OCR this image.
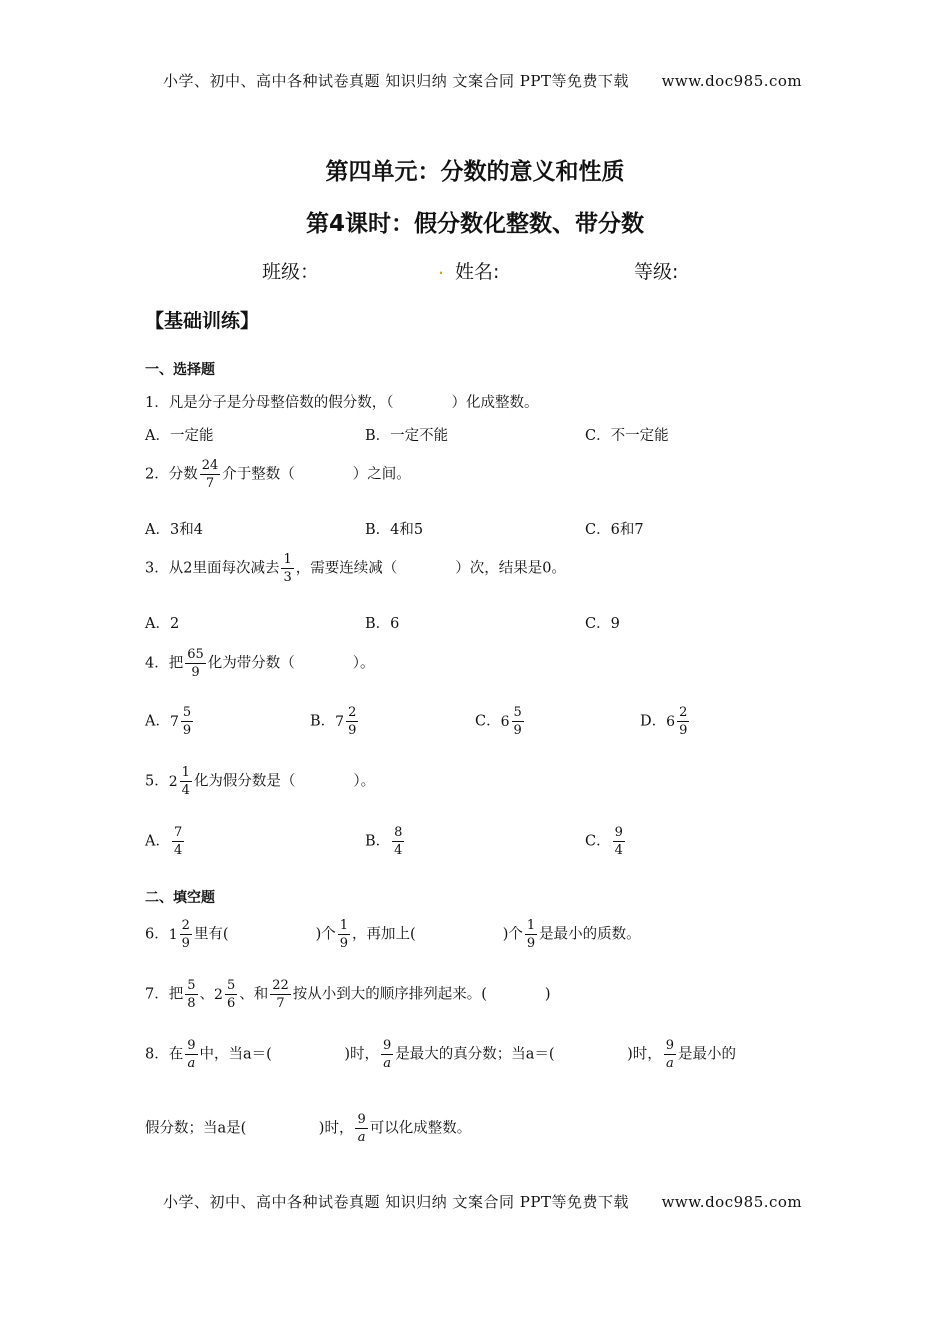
小学、初中、高中各种试卷真题 知识归纳 文案合同 PPT等免费下载 www.doc985.com
第四单元：分数的意义和性质
第4课时：假分数化整数、带分数
班级：	. 姓名:	等级:
【基础训练】
一、选择题
1．凡是分子是分母整倍数的假分数，（　　　　）化成整数。
A．一定能	B．一定不能	C．不一定能
2．分数 $\frac{24}{7}$ 介于整数（　　　　）之间。
A．3和4	B．4和5	C．6和7
3．从2里面每次减去 $\frac{1}{3}$ ，需要连续减（　　　　）次，结果是0。
A．2	B．6	C．9
4．把 $\frac{65}{9}$ 化为带分数（　　　　）。
A．$7 \frac{5}{9}$	B．$7 \frac{2}{9}$	C．$6 \frac{5}{9}$	D．$6 \frac{2}{9}$
5．$2 \frac{1}{4}$ 化为假分数是（　　　　）。
A． $\frac{7}{4}$	B． $\frac{8}{4}$	C． $\frac{9}{4}$
二、填空题
6．$1 \frac{2}{9}$ 里有(　　　　　　)个 $\frac{1}{9}$ ，再加上(　　　　　　)个 $\frac{1}{9}$ 是最小的质数。
7．把 $\frac{5}{8}$ 、$2 \frac{5}{6}$ 、和 $\frac{22}{7}$ 按从小到大的顺序排列起来。(　　　　)
8．在 $\frac{9}{a}$ 中，当a＝(　　　　　)时， $\frac{9}{a}$ 是最大的真分数；当a＝(　　　　　)时， $\frac{9}{a}$ 是最小的
假分数；当a是(　　　　　)时， $\frac{9}{a}$ 可以化成整数。
小学、初中、高中各种试卷真题 知识归纳 文案合同 PPT等免费下载 www.doc985.com
